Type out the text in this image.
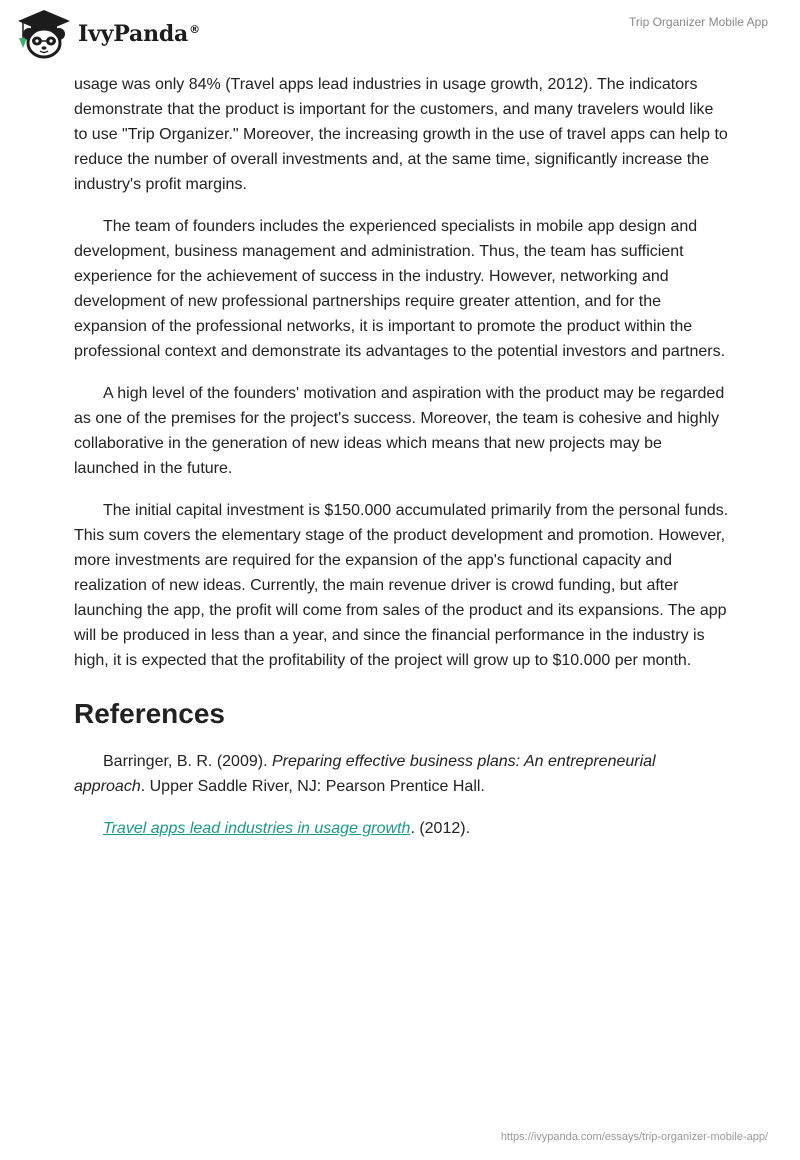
IvyPanda®
Trip Organizer Mobile App

usage was only 84% (Travel apps lead industries in usage growth, 2012). The indicators demonstrate that the product is important for the customers, and many travelers would like to use "Trip Organizer." Moreover, the increasing growth in the use of travel apps can help to reduce the number of overall investments and, at the same time, significantly increase the industry's profit margins.

The team of founders includes the experienced specialists in mobile app design and development, business management and administration. Thus, the team has sufficient experience for the achievement of success in the industry. However, networking and development of new professional partnerships require greater attention, and for the expansion of the professional networks, it is important to promote the product within the professional context and demonstrate its advantages to the potential investors and partners.

A high level of the founders' motivation and aspiration with the product may be regarded as one of the premises for the project's success. Moreover, the team is cohesive and highly collaborative in the generation of new ideas which means that new projects may be launched in the future.

The initial capital investment is $150.000 accumulated primarily from the personal funds. This sum covers the elementary stage of the product development and promotion. However, more investments are required for the expansion of the app's functional capacity and realization of new ideas. Currently, the main revenue driver is crowd funding, but after launching the app, the profit will come from sales of the product and its expansions. The app will be produced in less than a year, and since the financial performance in the industry is high, it is expected that the profitability of the project will grow up to $10.000 per month.

References

Barringer, B. R. (2009). Preparing effective business plans: An entrepreneurial approach. Upper Saddle River, NJ: Pearson Prentice Hall.

Travel apps lead industries in usage growth. (2012).

https://ivypanda.com/essays/trip-organizer-mobile-app/
